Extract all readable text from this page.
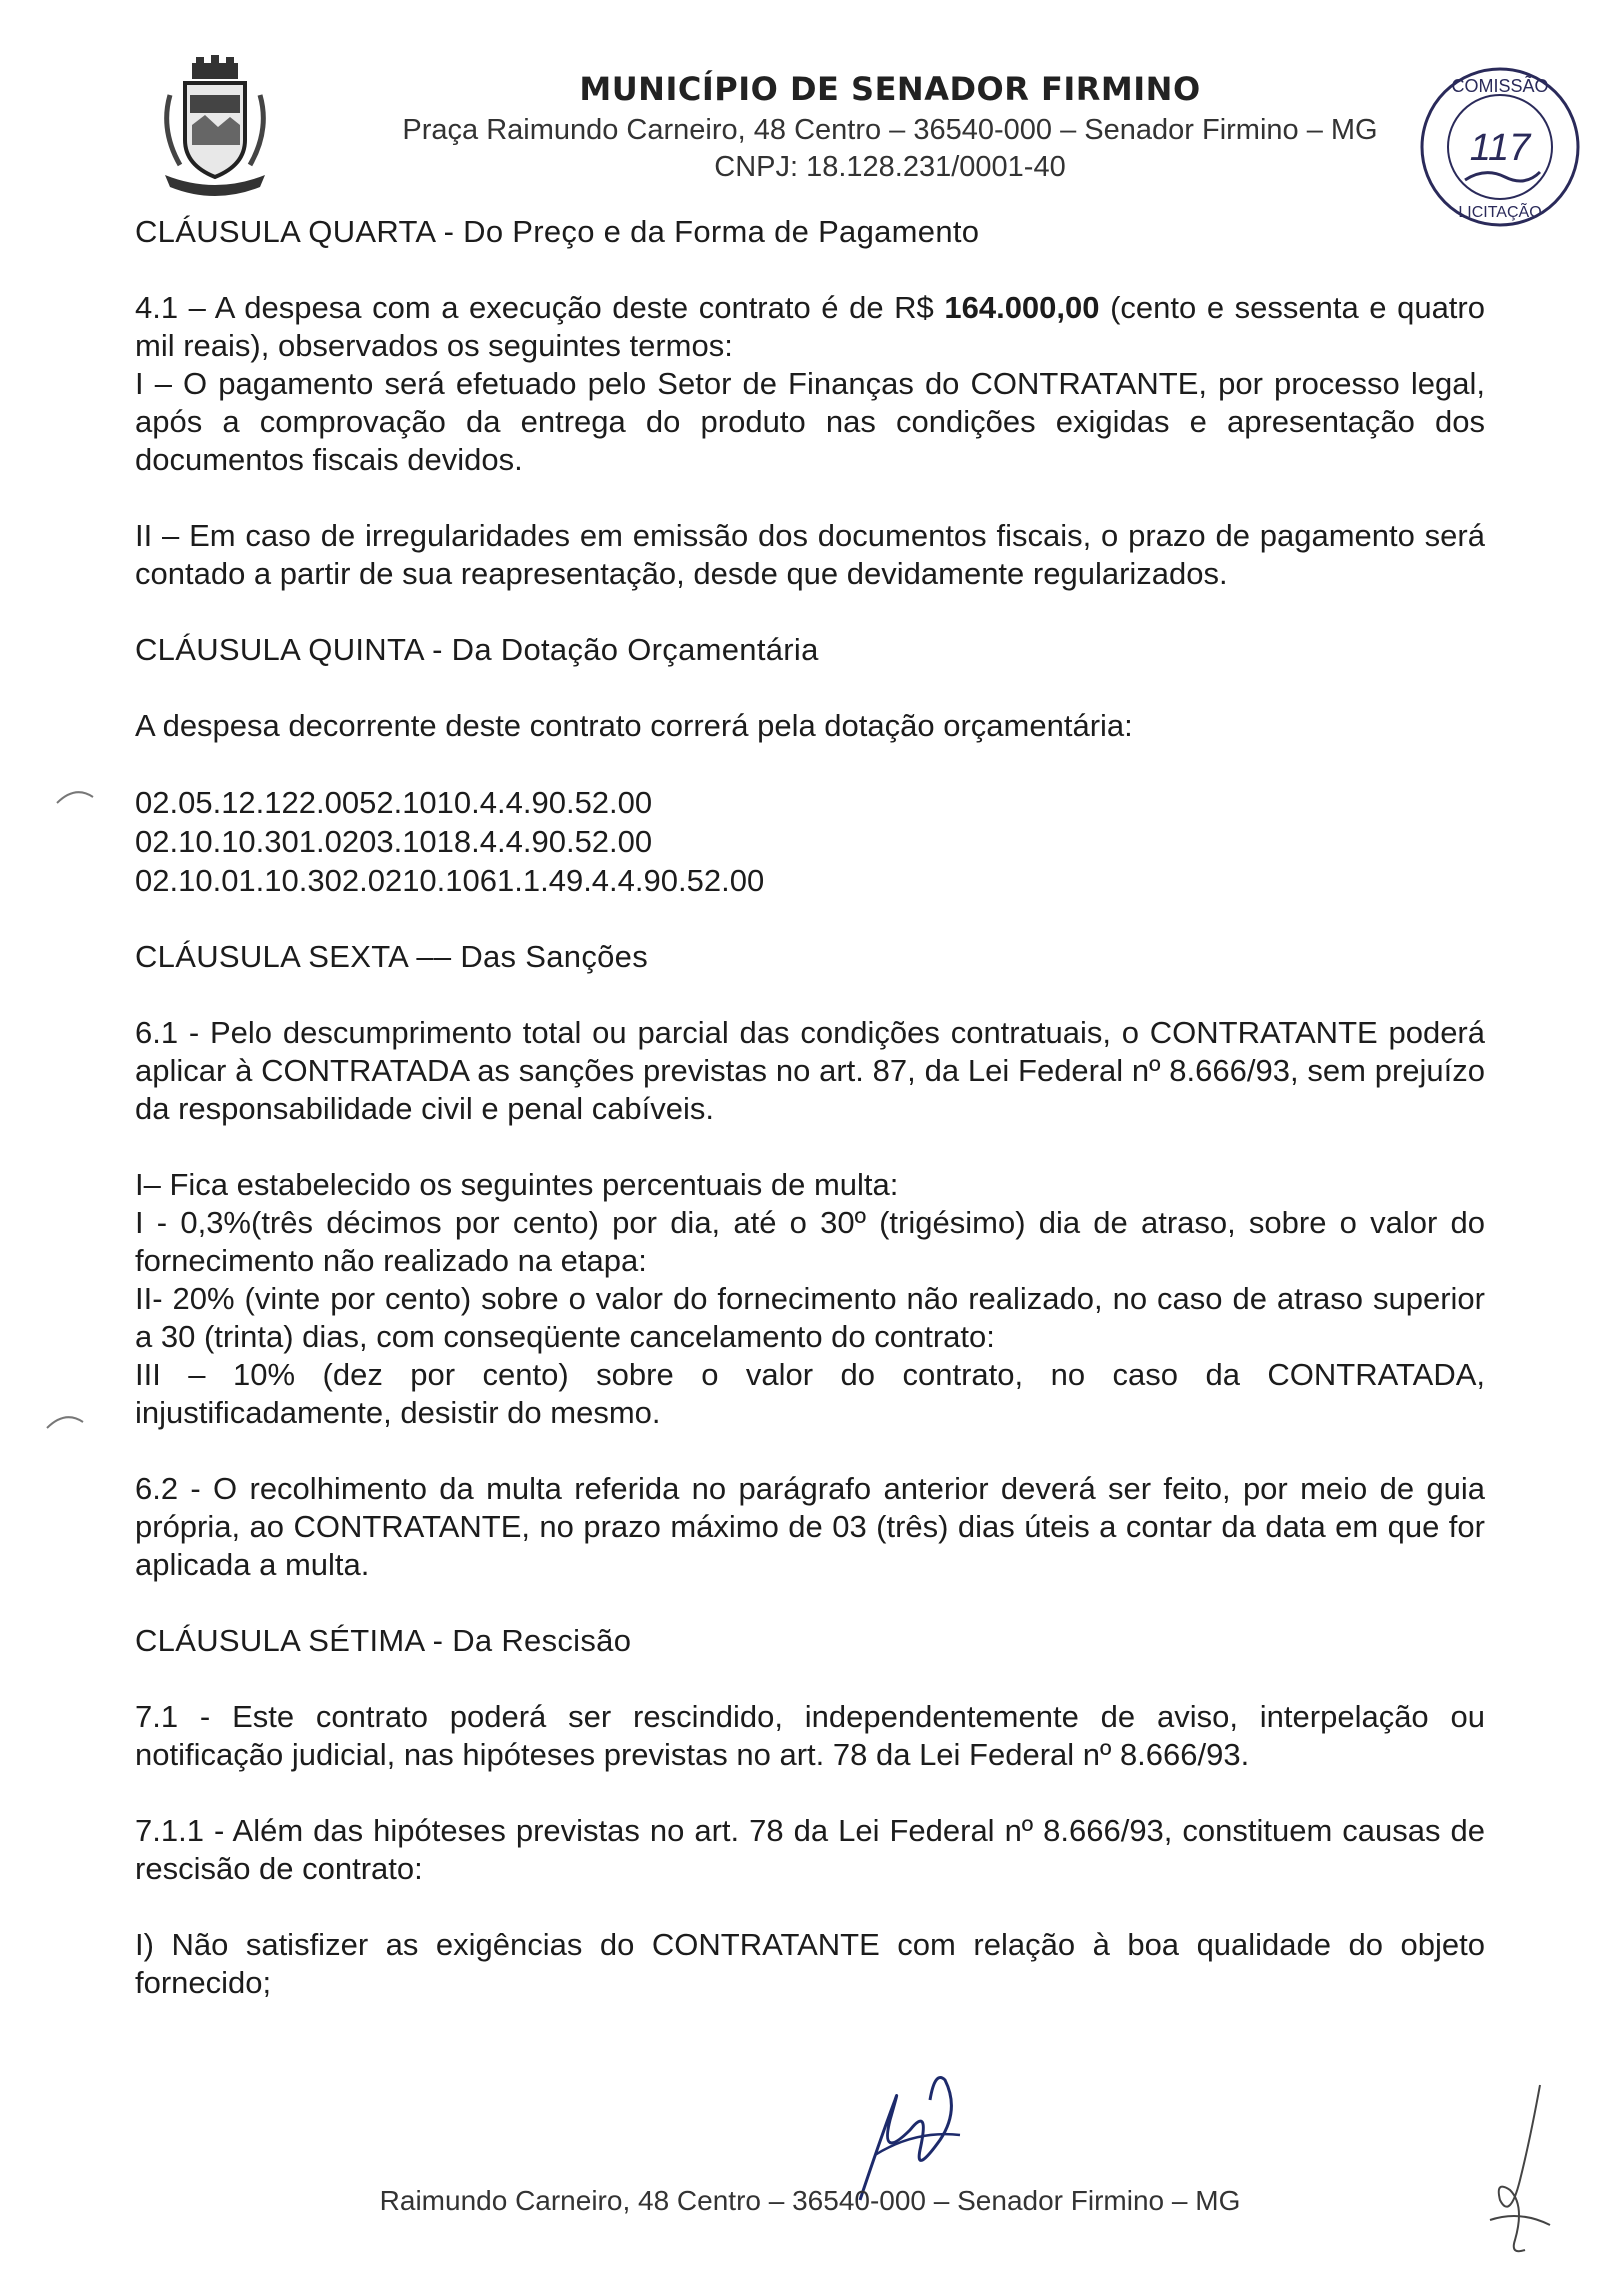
MUNICÍPIO DE SENADOR FIRMINO
Praça Raimundo Carneiro, 48 Centro – 36540-000 – Senador Firmino – MG
CNPJ: 18.128.231/0001-40
COMISSÃO
117
LICITAÇÃO

CLÁUSULA QUARTA - Do Preço e da Forma de Pagamento

4.1 – A despesa com a execução deste contrato é de R$ 164.000,00 (cento e sessenta e quatro mil reais), observados os seguintes termos:

I – O pagamento será efetuado pelo Setor de Finanças do CONTRATANTE, por processo legal, após a comprovação da entrega do produto nas condições exigidas e apresentação dos documentos fiscais devidos.

II – Em caso de irregularidades em emissão dos documentos fiscais, o prazo de pagamento será contado a partir de sua reapresentação, desde que devidamente regularizados.

CLÁUSULA QUINTA - Da Dotação Orçamentária

A despesa decorrente deste contrato correrá pela dotação orçamentária:

02.05.12.122.0052.1010.4.4.90.52.00
02.10.10.301.0203.1018.4.4.90.52.00
02.10.01.10.302.0210.1061.1.49.4.4.90.52.00

CLÁUSULA SEXTA –– Das Sanções

6.1 - Pelo descumprimento total ou parcial das condições contratuais, o CONTRATANTE poderá aplicar à CONTRATADA as sanções previstas no art. 87, da Lei Federal nº 8.666/93, sem prejuízo da responsabilidade civil e penal cabíveis.

I– Fica estabelecido os seguintes percentuais de multa:

I - 0,3%(três décimos por cento) por dia, até o 30º (trigésimo) dia de atraso, sobre o valor do fornecimento não realizado na etapa:

II- 20% (vinte por cento) sobre o valor do fornecimento não realizado, no caso de atraso superior a 30 (trinta) dias, com conseqüente cancelamento do contrato:

III – 10% (dez por cento) sobre o valor do contrato, no caso da CONTRATADA, injustificadamente, desistir do mesmo.

6.2 - O recolhimento da multa referida no parágrafo anterior deverá ser feito, por meio de guia própria, ao CONTRATANTE, no prazo máximo de 03 (três) dias úteis a contar da data em que for aplicada a multa.

CLÁUSULA SÉTIMA - Da Rescisão

7.1 - Este contrato poderá ser rescindido, independentemente de aviso, interpelação ou notificação judicial, nas hipóteses previstas no art. 78 da Lei Federal nº 8.666/93.

7.1.1 - Além das hipóteses previstas no art. 78 da Lei Federal nº 8.666/93, constituem causas de rescisão de contrato:

I) Não satisfizer as exigências do CONTRATANTE com relação à boa qualidade do objeto fornecido;

Raimundo Carneiro, 48 Centro – 36540-000 – Senador Firmino – MG
